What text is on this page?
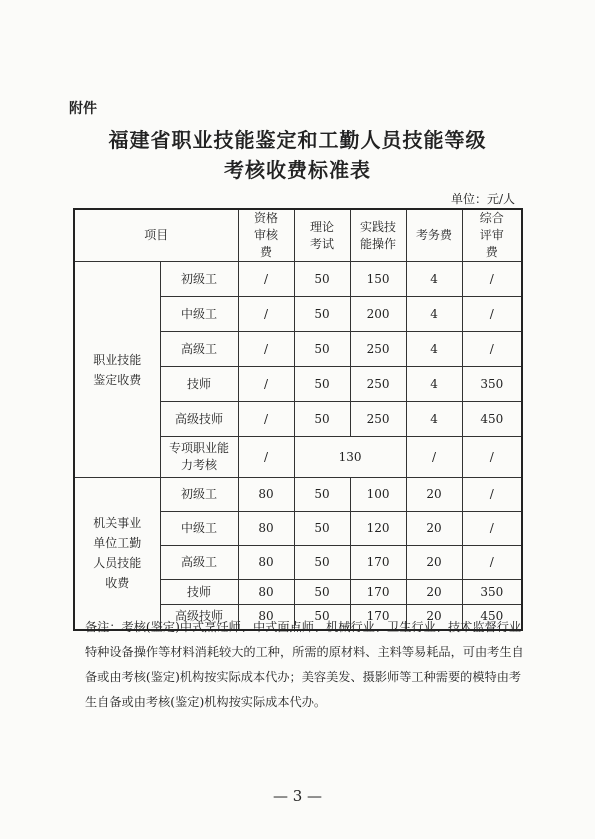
附件
福建省职业技能鉴定和工勤人员技能等级
考核收费标准表
单位：元/人
项目		资格审核费	理论考试	实践技能操作	考务费	综合评审费

职业技能鉴定收费	初级工	/	50	150	4	/
	中级工	/	50	200	4	/
	高级工	/	50	250	4	/
	技师	/	50	250	4	350
	高级技师	/	50	250	4	450

	专项职业能力考核	/	130		/	/

机关事业单位工勤人员技能收费	初级工	80	50	100	20	/
	中级工	80	50	120	20	/
	高级工	80	50	170	20	/
	技师	80	50	170	20	350
	高级技师	80	50	170	20	450
备注：考核(鉴定)中式烹饪师、中式面点师、机械行业、卫生行业、技术监督行业特种设备操作等材料消耗较大的工种，所需的原材料、主料等易耗品，可由考生自备或由考核(鉴定)机构按实际成本代办；美容美发、摄影师等工种需要的模特由考生自备或由考核(鉴定)机构按实际成本代办。
— 3 —
